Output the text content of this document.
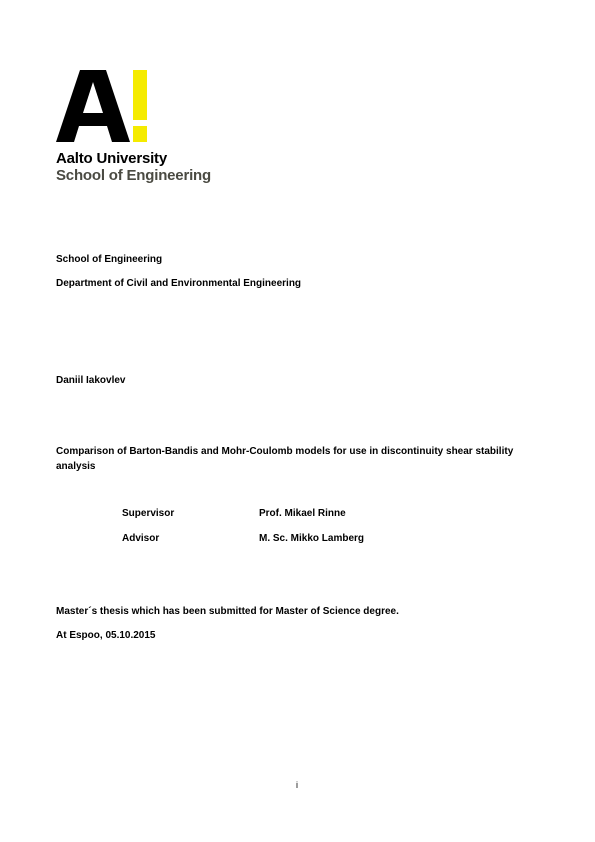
Aalto University
School of Engineering
School of Engineering
Department of Civil and Environmental Engineering
Daniil Iakovlev
Comparison of Barton-Bandis and Mohr-Coulomb models for use in discontinuity shear stability analysis
Supervisor	Prof. Mikael Rinne
Advisor	M. Sc. Mikko Lamberg
Master´s thesis which has been submitted for Master of Science degree.
At Espoo, 05.10.2015
i
